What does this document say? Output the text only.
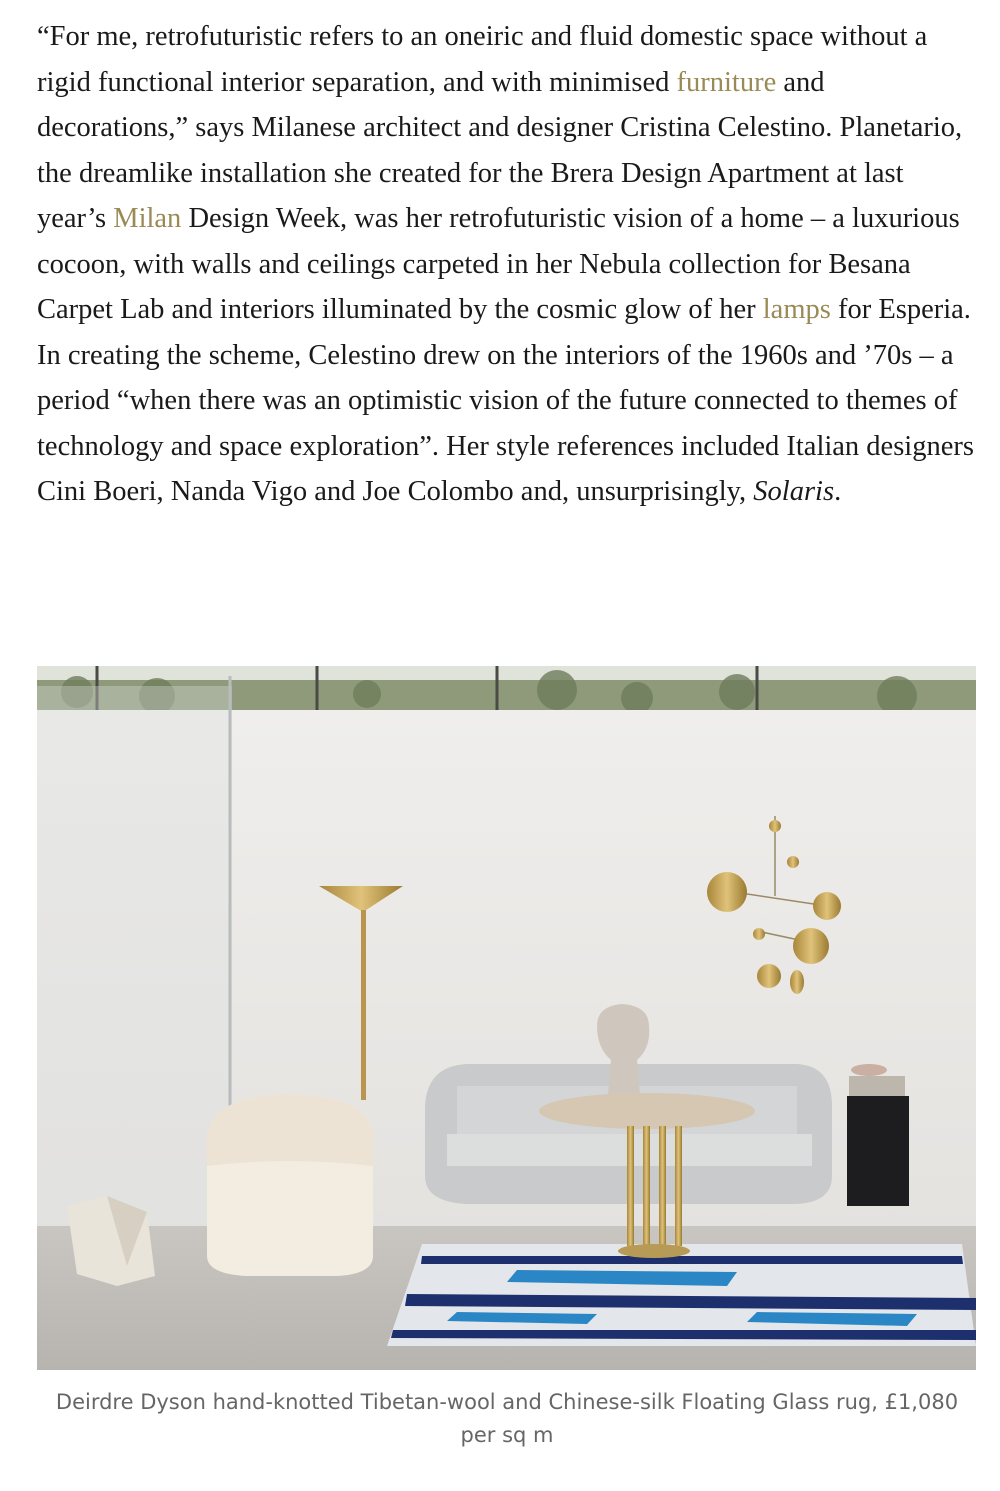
“For me, retrofuturistic refers to an oneiric and fluid domestic space without a rigid functional interior separation, and with minimised furniture and decorations,” says Milanese architect and designer Cristina Celestino. Planetario, the dreamlike installation she created for the Brera Design Apartment at last year’s Milan Design Week, was her retrofuturistic vision of a home – a luxurious cocoon, with walls and ceilings carpeted in her Nebula collection for Besana Carpet Lab and interiors illuminated by the cosmic glow of her lamps for Esperia. In creating the scheme, Celestino drew on the interiors of the 1960s and ’70s – a period “when there was an optimistic vision of the future connected to themes of technology and space exploration”. Her style references included Italian designers Cini Boeri, Nanda Vigo and Joe Colombo and, unsurprisingly, Solaris.

Deirdre Dyson hand-knotted Tibetan-wool and Chinese-silk Floating Glass rug, £1,080 per sq m
